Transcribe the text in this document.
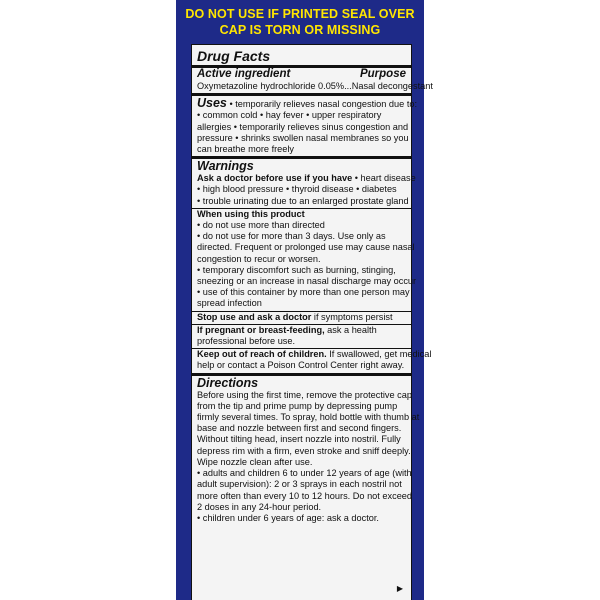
DO NOT USE IF PRINTED SEAL OVER
CAP IS TORN OR MISSING
Drug Facts
Active ingredient	Purpose
Oxymetazoline hydrochloride 0.05%...Nasal decongestant
Uses • temporarily relieves nasal congestion due to:
• common cold • hay fever • upper respiratory
allergies • temporarily relieves sinus congestion and
pressure • shrinks swollen nasal membranes so you
can breathe more freely
Warnings
Ask a doctor before use if you have • heart disease
• high blood pressure • thyroid disease • diabetes
• trouble urinating due to an enlarged prostate gland
When using this product
• do not use more than directed
• do not use for more than 3 days. Use only as
directed. Frequent or prolonged use may cause nasal
congestion to recur or worsen.
• temporary discomfort such as burning, stinging,
sneezing or an increase in nasal discharge may occur
• use of this container by more than one person may
spread infection
Stop use and ask a doctor if symptoms persist
If pregnant or breast-feeding, ask a health
professional before use.
Keep out of reach of children. If swallowed, get medical
help or contact a Poison Control Center right away.
Directions
Before using the first time, remove the protective cap
from the tip and prime pump by depressing pump
firmly several times. To spray, hold bottle with thumb at
base and nozzle between first and second fingers.
Without tilting head, insert nozzle into nostril. Fully
depress rim with a firm, even stroke and sniff deeply.
Wipe nozzle clean after use.
• adults and children 6 to under 12 years of age (with
adult supervision): 2 or 3 sprays in each nostril not
more often than every 10 to 12 hours. Do not exceed
2 doses in any 24-hour period.
• children under 6 years of age: ask a doctor.
▶
